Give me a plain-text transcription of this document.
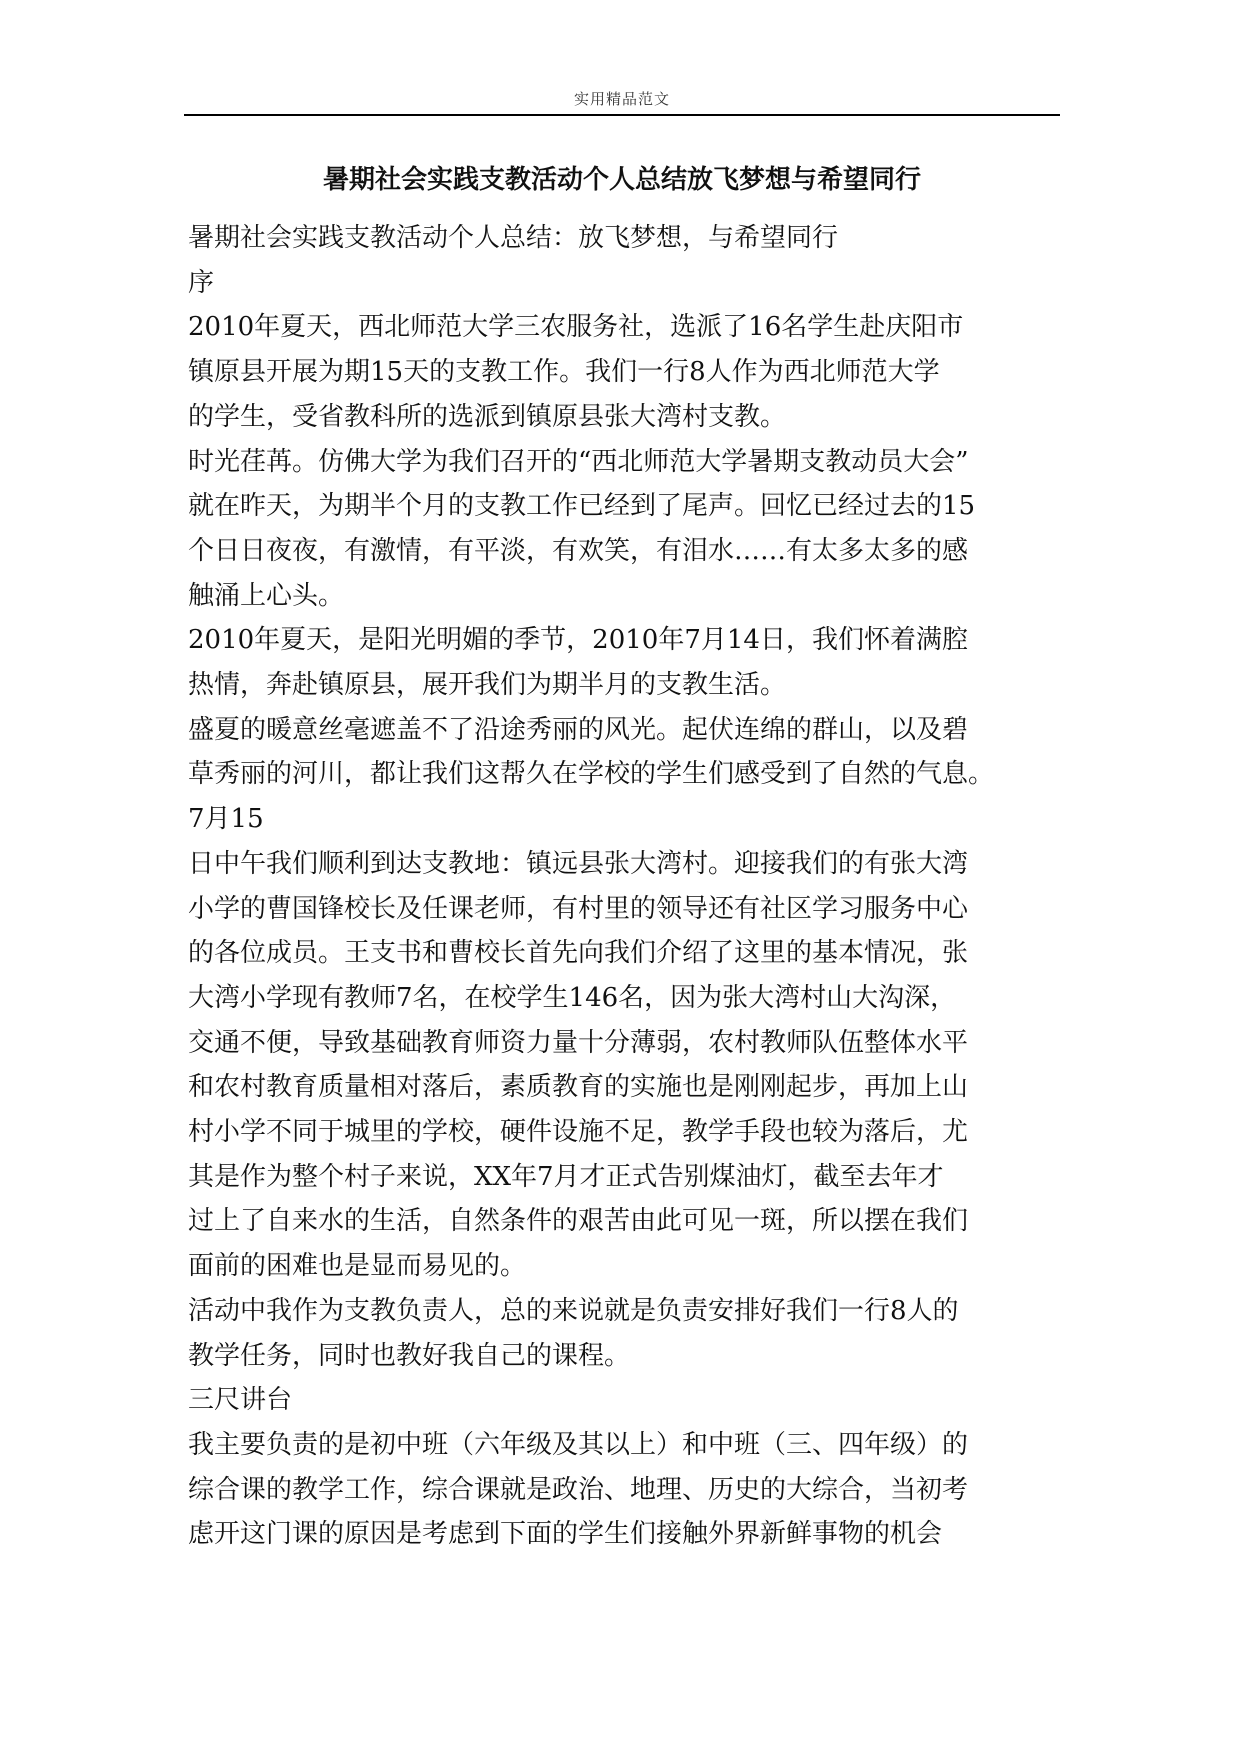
实用精品范文
暑期社会实践支教活动个人总结放飞梦想与希望同行

暑期社会实践支教活动个人总结：放飞梦想，与希望同行

序

2010年夏天，西北师范大学三农服务社，选派了16名学生赴庆阳市
镇原县开展为期15天的支教工作。我们一行8人作为西北师范大学
的学生，受省教科所的选派到镇原县张大湾村支教。

时光荏苒。仿佛大学为我们召开的“西北师范大学暑期支教动员大会”
就在昨天，为期半个月的支教工作已经到了尾声。回忆已经过去的15
个日日夜夜，有激情，有平淡，有欢笑，有泪水……有太多太多的感
触涌上心头。

2010年夏天，是阳光明媚的季节，2010年7月14日，我们怀着满腔
热情，奔赴镇原县，展开我们为期半月的支教生活。

盛夏的暖意丝毫遮盖不了沿途秀丽的风光。起伏连绵的群山，以及碧
草秀丽的河川，都让我们这帮久在学校的学生们感受到了自然的气息。

7月15

日中午我们顺利到达支教地：镇远县张大湾村。迎接我们的有张大湾
小学的曹国锋校长及任课老师，有村里的领导还有社区学习服务中心
的各位成员。王支书和曹校长首先向我们介绍了这里的基本情况，张
大湾小学现有教师7名，在校学生146名，因为张大湾村山大沟深，
交通不便，导致基础教育师资力量十分薄弱，农村教师队伍整体水平
和农村教育质量相对落后，素质教育的实施也是刚刚起步，再加上山
村小学不同于城里的学校，硬件设施不足，教学手段也较为落后，尤
其是作为整个村子来说，XX年7月才正式告别煤油灯，截至去年才
过上了自来水的生活，自然条件的艰苦由此可见一斑，所以摆在我们
面前的困难也是显而易见的。

活动中我作为支教负责人，总的来说就是负责安排好我们一行8人的
教学任务，同时也教好我自己的课程。

三尺讲台

我主要负责的是初中班（六年级及其以上）和中班（三、四年级）的
综合课的教学工作，综合课就是政治、地理、历史的大综合，当初考
虑开这门课的原因是考虑到下面的学生们接触外界新鲜事物的机会
